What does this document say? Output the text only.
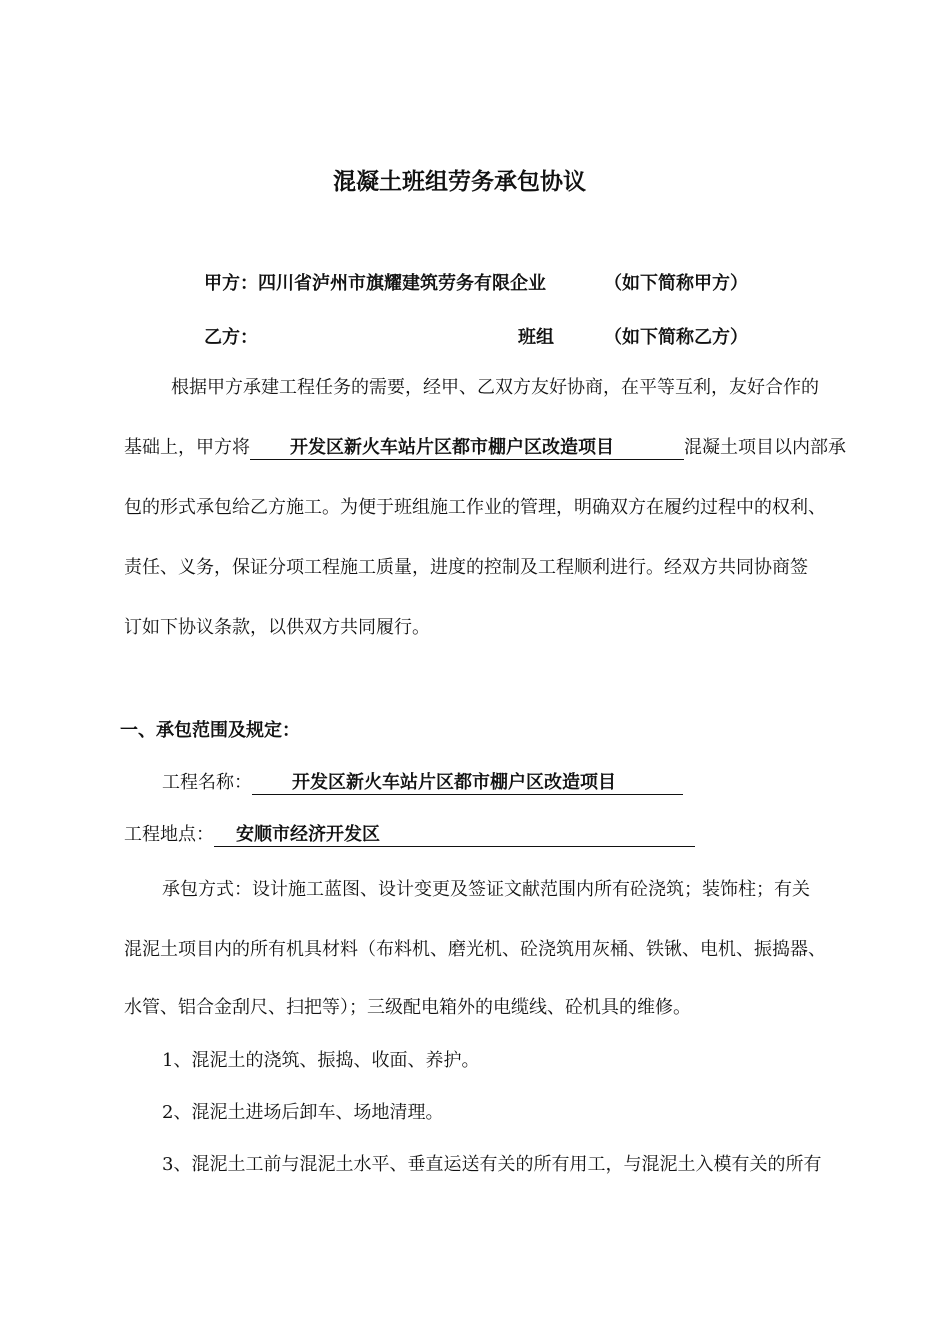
混凝土班组劳务承包协议
甲方：四川省泸州市旗耀建筑劳务有限企业	（如下简称甲方）
乙方：	班组	（如下简称乙方）
根据甲方承建工程任务的需要，经甲、乙双方友好协商，在平等互利，友好合作的
基础上，甲方将 开发区新火车站片区都市棚户区改造项目	混凝土项目以内部承
包的形式承包给乙方施工。为便于班组施工作业的管理，明确双方在履约过程中的权利、
责任、义务，保证分项工程施工质量，进度的控制及工程顺利进行。经双方共同协商签
订如下协议条款，以供双方共同履行。
一、承包范围及规定：
工程名称： 开发区新火车站片区都市棚户区改造项目
工程地点： 安顺市经济开发区
承包方式：设计施工蓝图、设计变更及签证文献范围内所有砼浇筑；装饰柱；有关
混泥土项目内的所有机具材料（布料机、磨光机、砼浇筑用灰桶、铁锹、电机、振捣器、
水管、铝合金刮尺、扫把等）；三级配电箱外的电缆线、砼机具的维修。
1、混泥土的浇筑、振捣、收面、养护。
2、混泥土进场后卸车、场地清理。
3、混泥土工前与混泥土水平、垂直运送有关的所有用工，与混泥土入模有关的所有
